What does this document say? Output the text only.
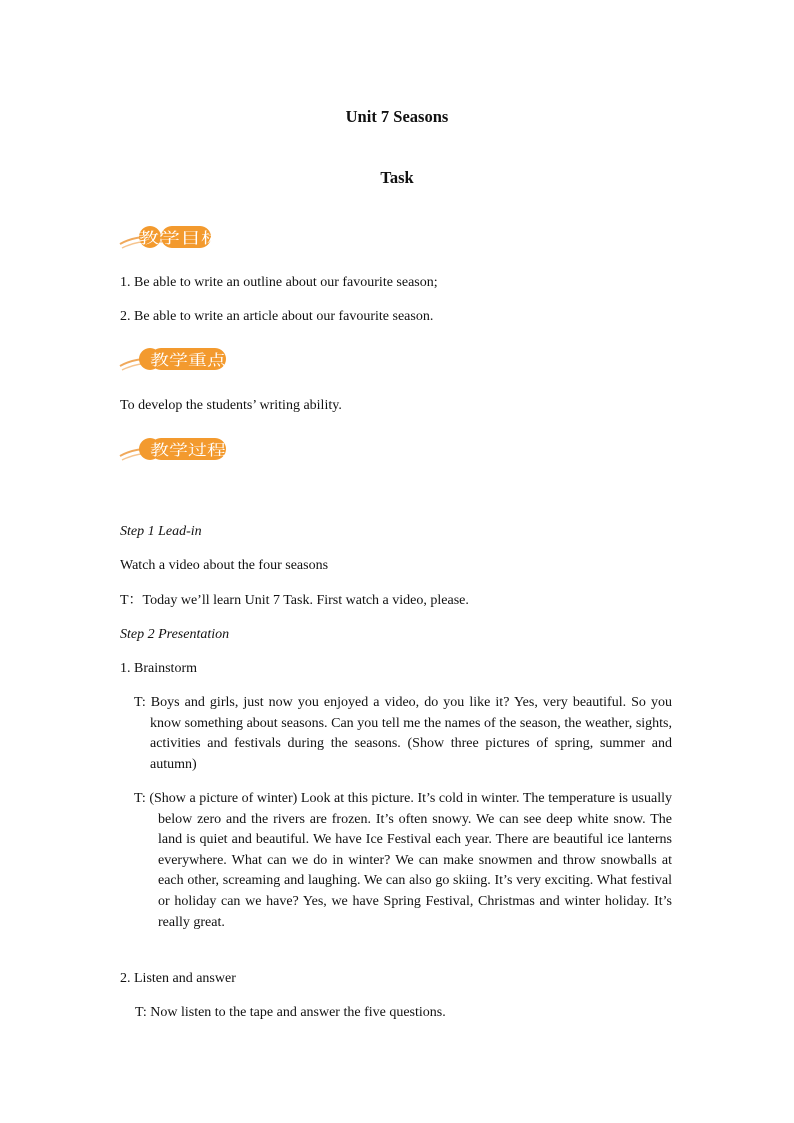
Unit 7 Seasons
Task
教学目标
1. Be able to write an outline about our favourite season;
2. Be able to write an article about our favourite season.
教学重点
To develop the students’ writing ability.
教学过程
Step 1 Lead-in
Watch a video about the four seasons
T：Today we’ll learn Unit 7 Task. First watch a video, please.
Step 2 Presentation
1. Brainstorm
T: Boys and girls, just now you enjoyed a video, do you like it? Yes, very beautiful. So you know something about seasons. Can you tell me the names of the season, the weather, sights, activities and festivals during the seasons. (Show three pictures of spring, summer and autumn)
T: (Show a picture of winter) Look at this picture. It’s cold in winter. The temperature is usually below zero and the rivers are frozen. It’s often snowy. We can see deep white snow. The land is quiet and beautiful. We have Ice Festival each year. There are beautiful ice lanterns everywhere. What can we do in winter? We can make snowmen and throw snowballs at each other, screaming and laughing. We can also go skiing. It’s very exciting. What festival or holiday can we have? Yes, we have Spring Festival, Christmas and winter holiday. It’s really great.
2. Listen and answer
T: Now listen to the tape and answer the five questions.
